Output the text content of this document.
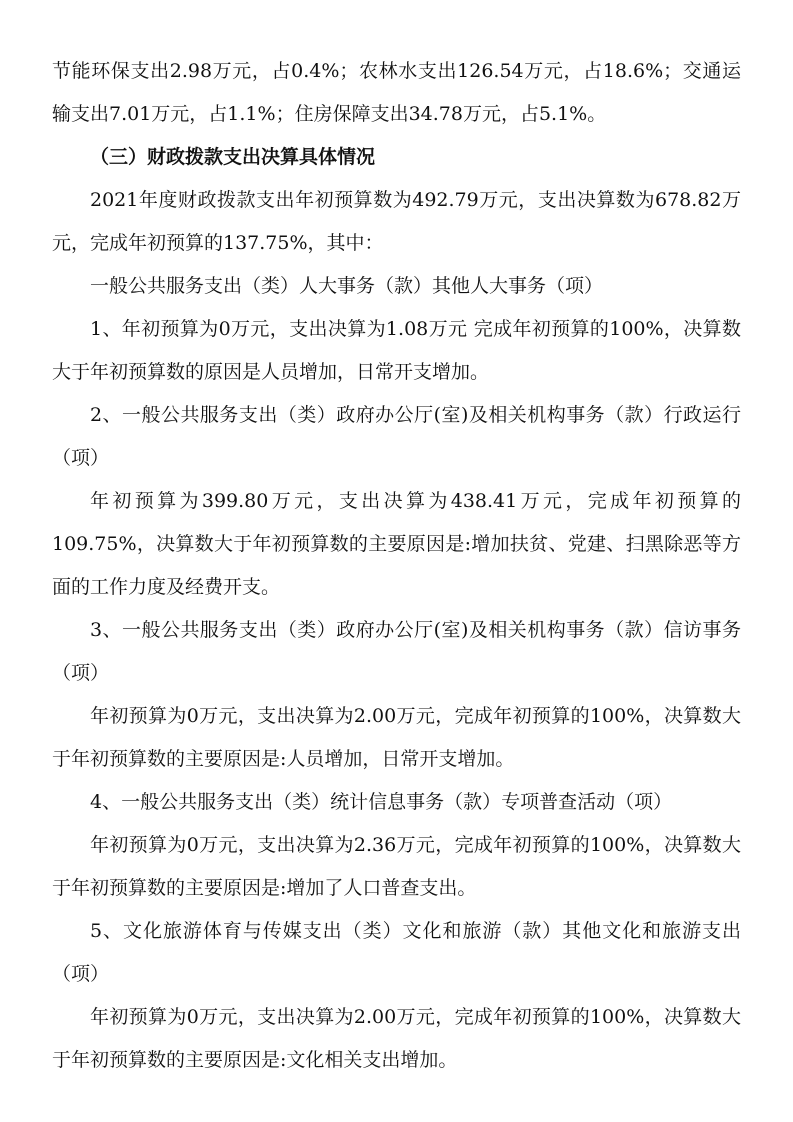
节能环保支出2.98万元，占0.4%；农林水支出126.54万元，占18.6%；交通运输支出7.01万元，占1.1%；住房保障支出34.78万元，占5.1%。

（三）财政拨款支出决算具体情况

2021年度财政拨款支出年初预算数为492.79万元，支出决算数为678.82万元，完成年初预算的137.75%，其中：

一般公共服务支出（类）人大事务（款）其他人大事务（项）

1、年初预算为0万元，支出决算为1.08万元 完成年初预算的100%，决算数大于年初预算数的原因是人员增加，日常开支增加。

2、一般公共服务支出（类）政府办公厅(室)及相关机构事务（款）行政运行（项）

年初预算为399.80万元，支出决算为438.41万元，完成年初预算的109.75%，决算数大于年初预算数的主要原因是:增加扶贫、党建、扫黑除恶等方面的工作力度及经费开支。

3、一般公共服务支出（类）政府办公厅(室)及相关机构事务（款）信访事务（项）

年初预算为0万元，支出决算为2.00万元，完成年初预算的100%，决算数大于年初预算数的主要原因是:人员增加，日常开支增加。

4、一般公共服务支出（类）统计信息事务（款）专项普查活动（项）

年初预算为0万元，支出决算为2.36万元，完成年初预算的100%，决算数大于年初预算数的主要原因是:增加了人口普查支出。

5、文化旅游体育与传媒支出（类）文化和旅游（款）其他文化和旅游支出（项）

年初预算为0万元，支出决算为2.00万元，完成年初预算的100%，决算数大于年初预算数的主要原因是:文化相关支出增加。
